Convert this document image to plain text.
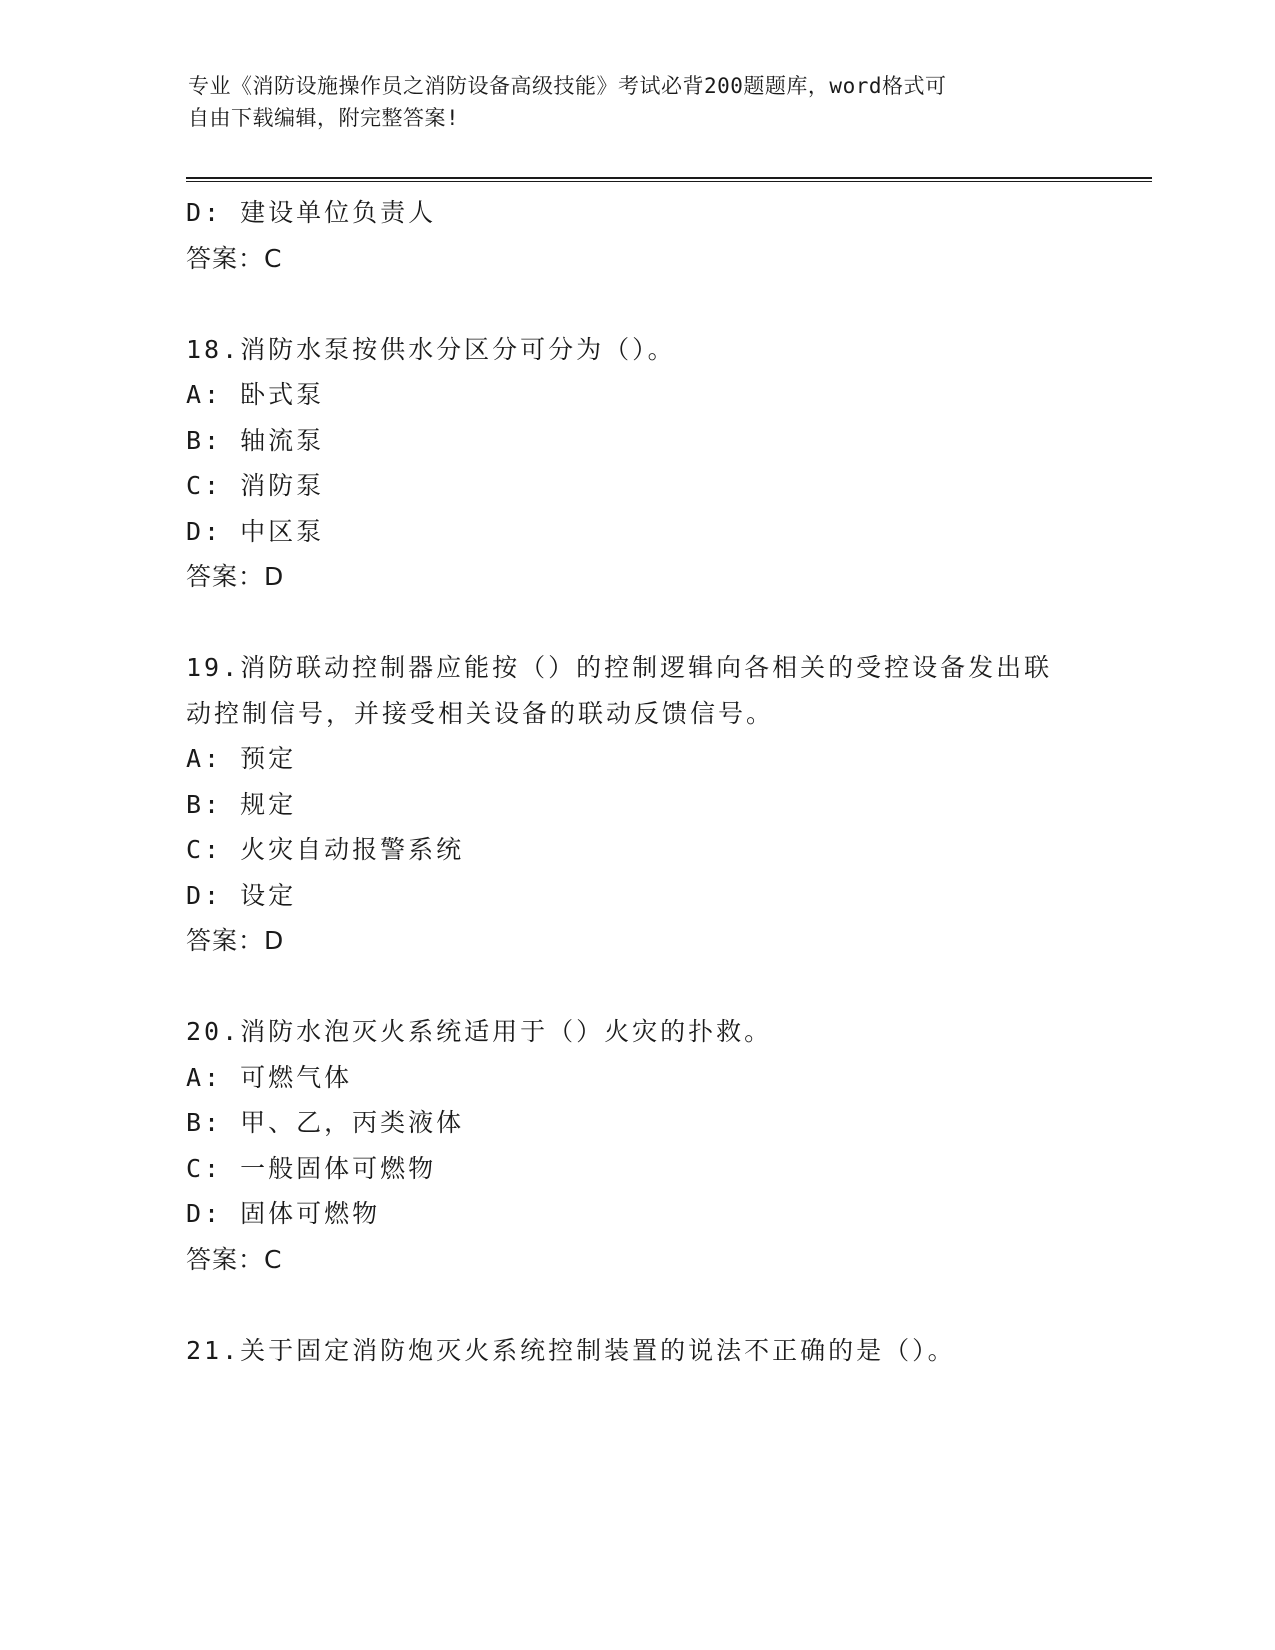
专业《消防设施操作员之消防设备高级技能》考试必背200题题库，word格式可
自由下载编辑，附完整答案!
D: 建设单位负责人
答案：C
18.消防水泵按供水分区分可分为（）。
A: 卧式泵
B: 轴流泵
C: 消防泵
D: 中区泵
答案：D
19.消防联动控制器应能按（）的控制逻辑向各相关的受控设备发出联
动控制信号，并接受相关设备的联动反馈信号。
A: 预定
B: 规定
C: 火灾自动报警系统
D: 设定
答案：D
20.消防水泡灭火系统适用于（）火灾的扑救。
A: 可燃气体
B: 甲、乙，丙类液体
C: 一般固体可燃物
D: 固体可燃物
答案：C
21.关于固定消防炮灭火系统控制装置的说法不正确的是（）。
